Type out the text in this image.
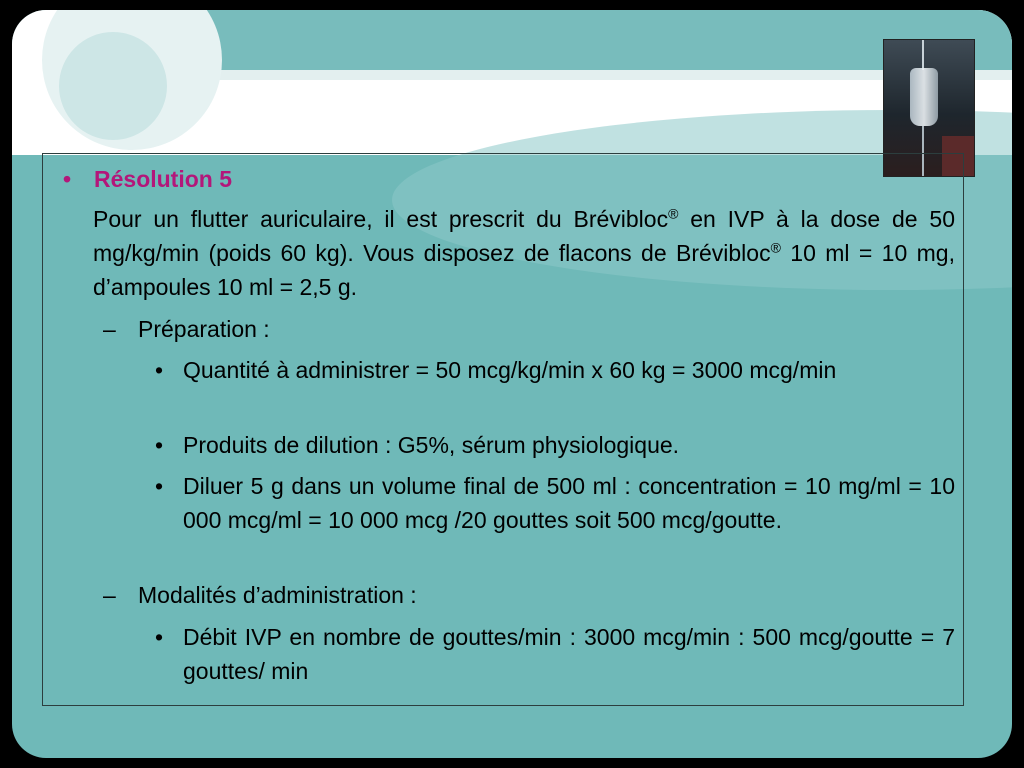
• Résolution 5
Pour un flutter auriculaire, il est prescrit du Brévibloc® en IVP à la dose de 50 mg/kg/min (poids 60 kg). Vous disposez de flacons de Brévibloc® 10 ml = 10 mg, d’ampoules 10 ml = 2,5 g.
– Préparation :
• Quantité à administrer = 50 mcg/kg/min x 60 kg = 3000 mcg/min
• Produits de dilution : G5%, sérum physiologique.
• Diluer 5 g dans un volume final de 500 ml : concentration = 10 mg/ml = 10 000 mcg/ml = 10 000 mcg /20 gouttes soit 500 mcg/goutte.
– Modalités d’administration :
• Débit IVP en nombre de gouttes/min : 3000 mcg/min : 500 mcg/goutte = 7 gouttes/ min
